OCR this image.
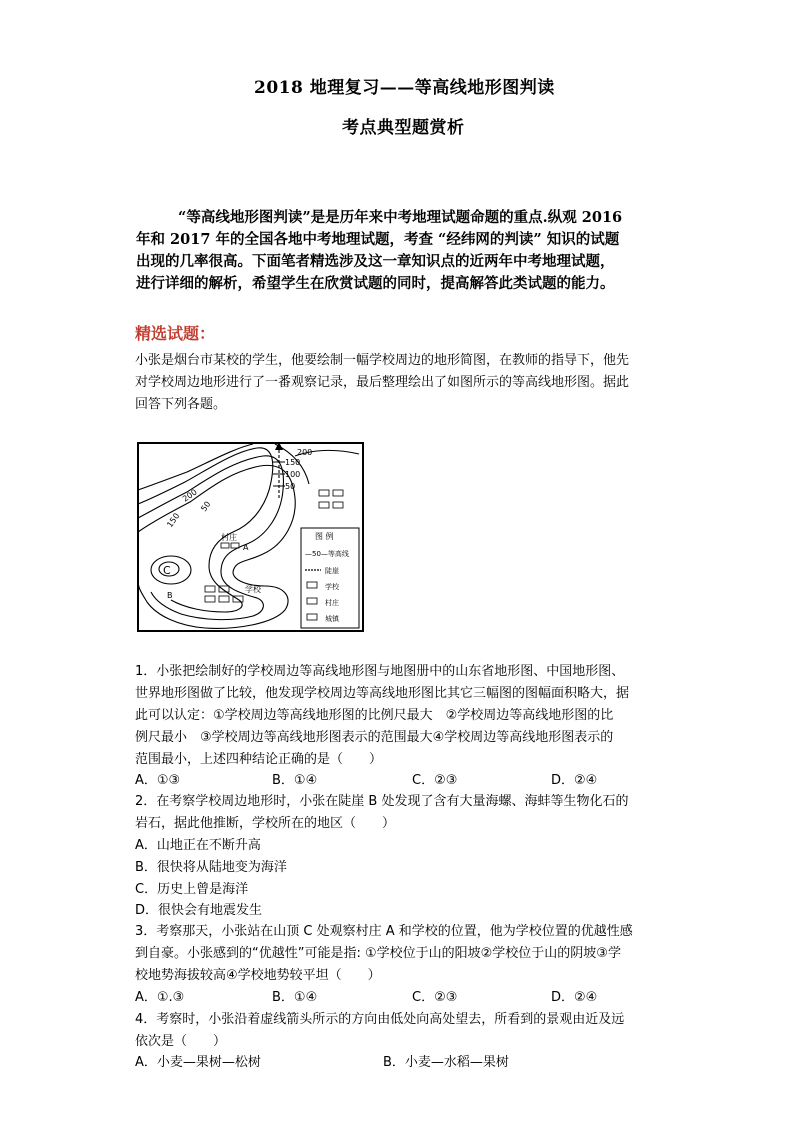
2018 地理复习——等高线地形图判读
考点典型题赏析

“等高线地形图判读”是是历年来中考地理试题命题的重点.纵观 2016

年和 2017 年的全国各地中考地理试题，考查 “经纬网的判读” 知识的试题

出现的几率很高。下面笔者精选涉及这一章知识点的近两年中考地理试题，

进行详细的解析，希望学生在欣赏试题的同时，提高解答此类试题的能力。

精选试题：

小张是烟台市某校的学生，他要绘制一幅学校周边的地形简图，在教师的指导下，他先

对学校周边地形进行了一番观察记录，最后整理绘出了如图所示的等高线地形图。据此

回答下列各题。

200
150
100
50
200
150
50
村庄
A
C
B
学校
图 例
—50—等高线
陡崖
学校
村庄
城镇
1．小张把绘制好的学校周边等高线地形图与地图册中的山东省地形图、中国地形图、
世界地形图做了比较，他发现学校周边等高线地形图比其它三幅图的图幅面积略大，据
此可以认定：①学校周边等高线地形图的比例尺最大　②学校周边等高线地形图的比
例尺最小　③学校周边等高线地形图表示的范围最大④学校周边等高线地形图表示的
范围最小，上述四种结论正确的是（　　）
A．①③	B．①④	C．②③	D．②④
2．在考察学校周边地形时，小张在陡崖 B 处发现了含有大量海螺、海蚌等生物化石的
岩石，据此他推断，学校所在的地区（　　）
A．山地正在不断升高
B．很快将从陆地变为海洋
C．历史上曾是海洋
D．很快会有地震发生
3．考察那天，小张站在山顶 C 处观察村庄 A 和学校的位置，他为学校位置的优越性感
到自豪。小张感到的“优越性”可能是指: ①学校位于山的阳坡②学校位于山的阴坡③学
校地势海拔较高④学校地势较平坦（　　）
A．①.③	B．①④	C．②③	D．②④
4．考察时，小张沿着虚线箭头所示的方向由低处向高处望去，所看到的景观由近及远
依次是（　　）
A．小麦—果树—松树	B．小麦—水稻—果树
